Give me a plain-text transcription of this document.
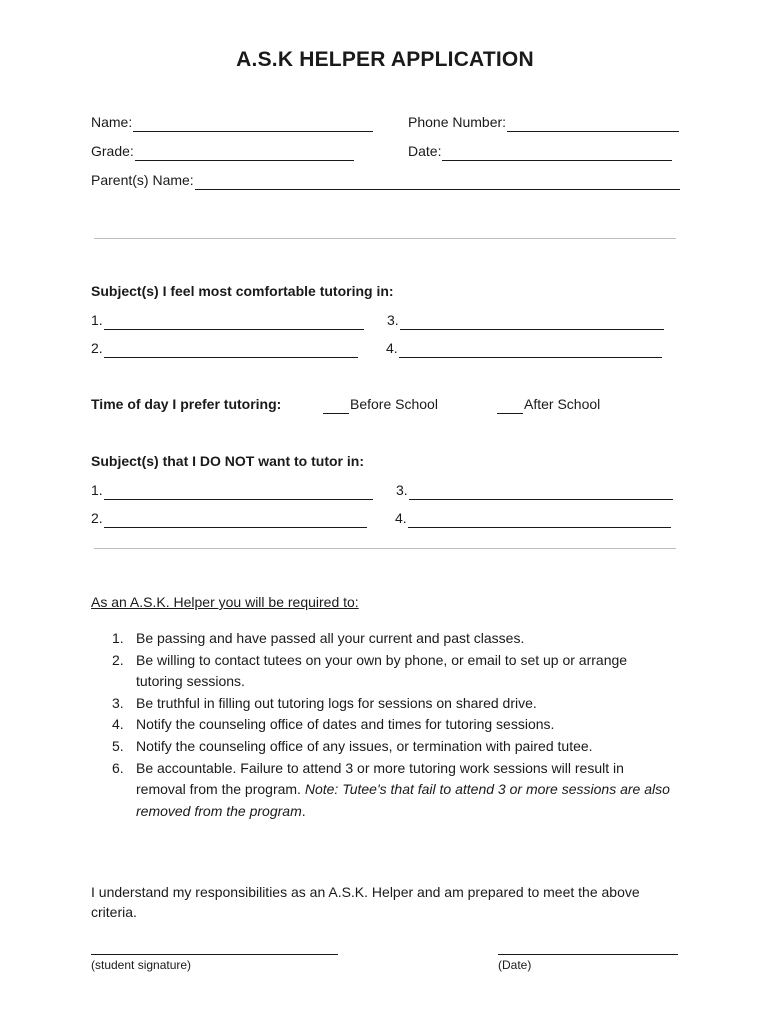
A.S.K HELPER APPLICATION
Name:	Phone Number:
Grade:	Date:
Parent(s) Name:
Subject(s) I feel most comfortable tutoring in:
1.	3.
2.	4.
Time of day I prefer tutoring:	Before School	After School
Subject(s) that I DO NOT want to tutor in:
1.	3.
2.	4.
As an A.S.K. Helper you will be required to:
1. Be passing and have passed all your current and past classes.
2. Be willing to contact tutees on your own by phone, or email to set up or arrange tutoring sessions.
3. Be truthful in filling out tutoring logs for sessions on shared drive.
4. Notify the counseling office of dates and times for tutoring sessions.
5. Notify the counseling office of any issues, or termination with paired tutee.
6. Be accountable. Failure to attend 3 or more tutoring work sessions will result in removal from the program. Note: Tutee's that fail to attend 3 or more sessions are also removed from the program.
I understand my responsibilities as an A.S.K. Helper and am prepared to meet the above criteria.
(student signature)	(Date)
